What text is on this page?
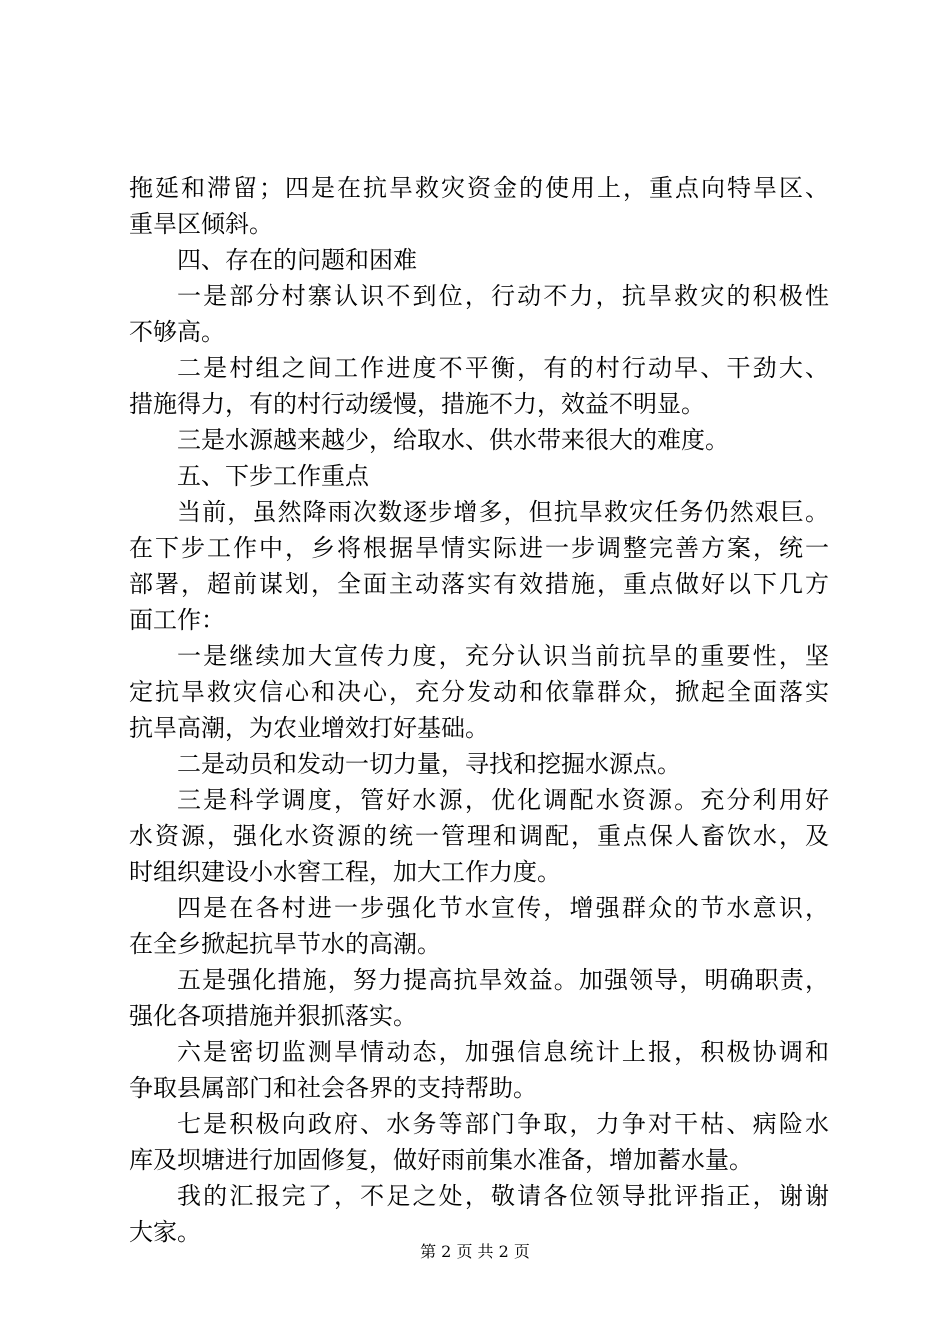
拖延和滞留；四是在抗旱救灾资金的使用上，重点向特旱区、
重旱区倾斜。
四、存在的问题和困难
一是部分村寨认识不到位，行动不力，抗旱救灾的积极性
不够高。
二是村组之间工作进度不平衡，有的村行动早、干劲大、
措施得力，有的村行动缓慢，措施不力，效益不明显。
三是水源越来越少，给取水、供水带来很大的难度。
五、下步工作重点
当前，虽然降雨次数逐步增多，但抗旱救灾任务仍然艰巨。
在下步工作中，乡将根据旱情实际进一步调整完善方案，统一
部署，超前谋划，全面主动落实有效措施，重点做好以下几方
面工作：
一是继续加大宣传力度，充分认识当前抗旱的重要性，坚
定抗旱救灾信心和决心，充分发动和依靠群众，掀起全面落实
抗旱高潮，为农业增效打好基础。
二是动员和发动一切力量，寻找和挖掘水源点。
三是科学调度，管好水源，优化调配水资源。充分利用好
水资源，强化水资源的统一管理和调配，重点保人畜饮水，及
时组织建设小水窖工程，加大工作力度。
四是在各村进一步强化节水宣传，增强群众的节水意识，
在全乡掀起抗旱节水的高潮。
五是强化措施，努力提高抗旱效益。加强领导，明确职责，
强化各项措施并狠抓落实。
六是密切监测旱情动态，加强信息统计上报，积极协调和
争取县属部门和社会各界的支持帮助。
七是积极向政府、水务等部门争取，力争对干枯、病险水
库及坝塘进行加固修复，做好雨前集水准备，增加蓄水量。
我的汇报完了，不足之处，敬请各位领导批评指正，谢谢
大家。
第 2 页 共 2 页
